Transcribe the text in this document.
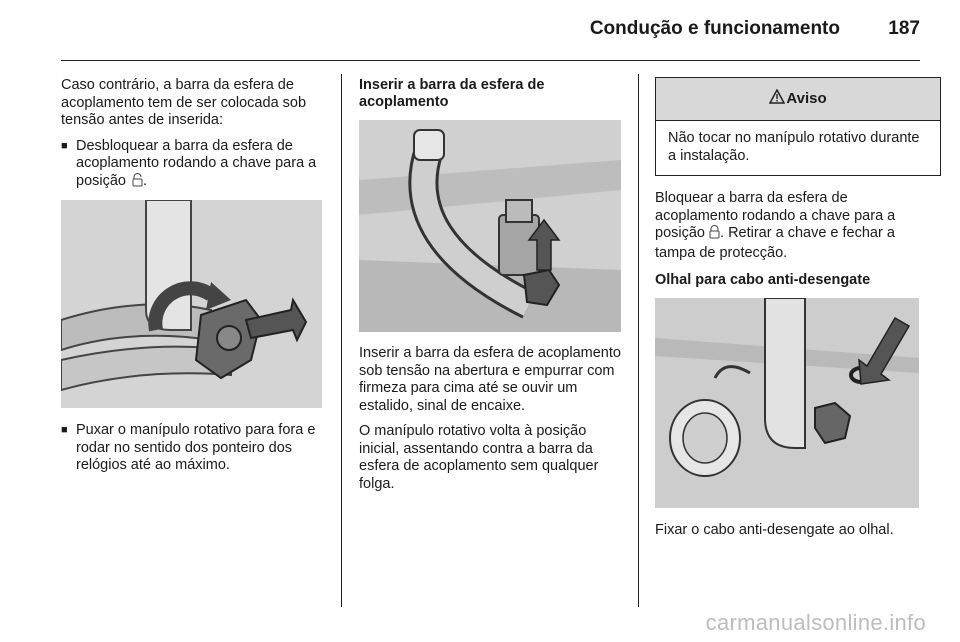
Condução e funcionamento	187

Caso contrário, a barra da esfera de acoplamento tem de ser colocada sob tensão antes de inserida:

■ Desbloquear a barra da esfera de acoplamento rodando a chave para a posição .
■ Puxar o manípulo rotativo para fora e rodar no sentido dos ponteiro dos relógios até ao máximo.
Inserir a barra da esfera de acoplamento

Inserir a barra da esfera de acoplamento sob tensão na abertura e empurrar com firmeza para cima até se ouvir um estalido, sinal de encaixe.

O manípulo rotativo volta à posição inicial, assentando contra a barra da esfera de acoplamento sem qualquer folga.

Aviso
Não tocar no manípulo rotativo durante a instalação.

Bloquear a barra da esfera de acoplamento rodando a chave para a posição . Retirar a chave e fechar a tampa de protecção.

Olhal para cabo anti-desengate

Fixar o cabo anti-desengate ao olhal.

carmanualsonline.info
